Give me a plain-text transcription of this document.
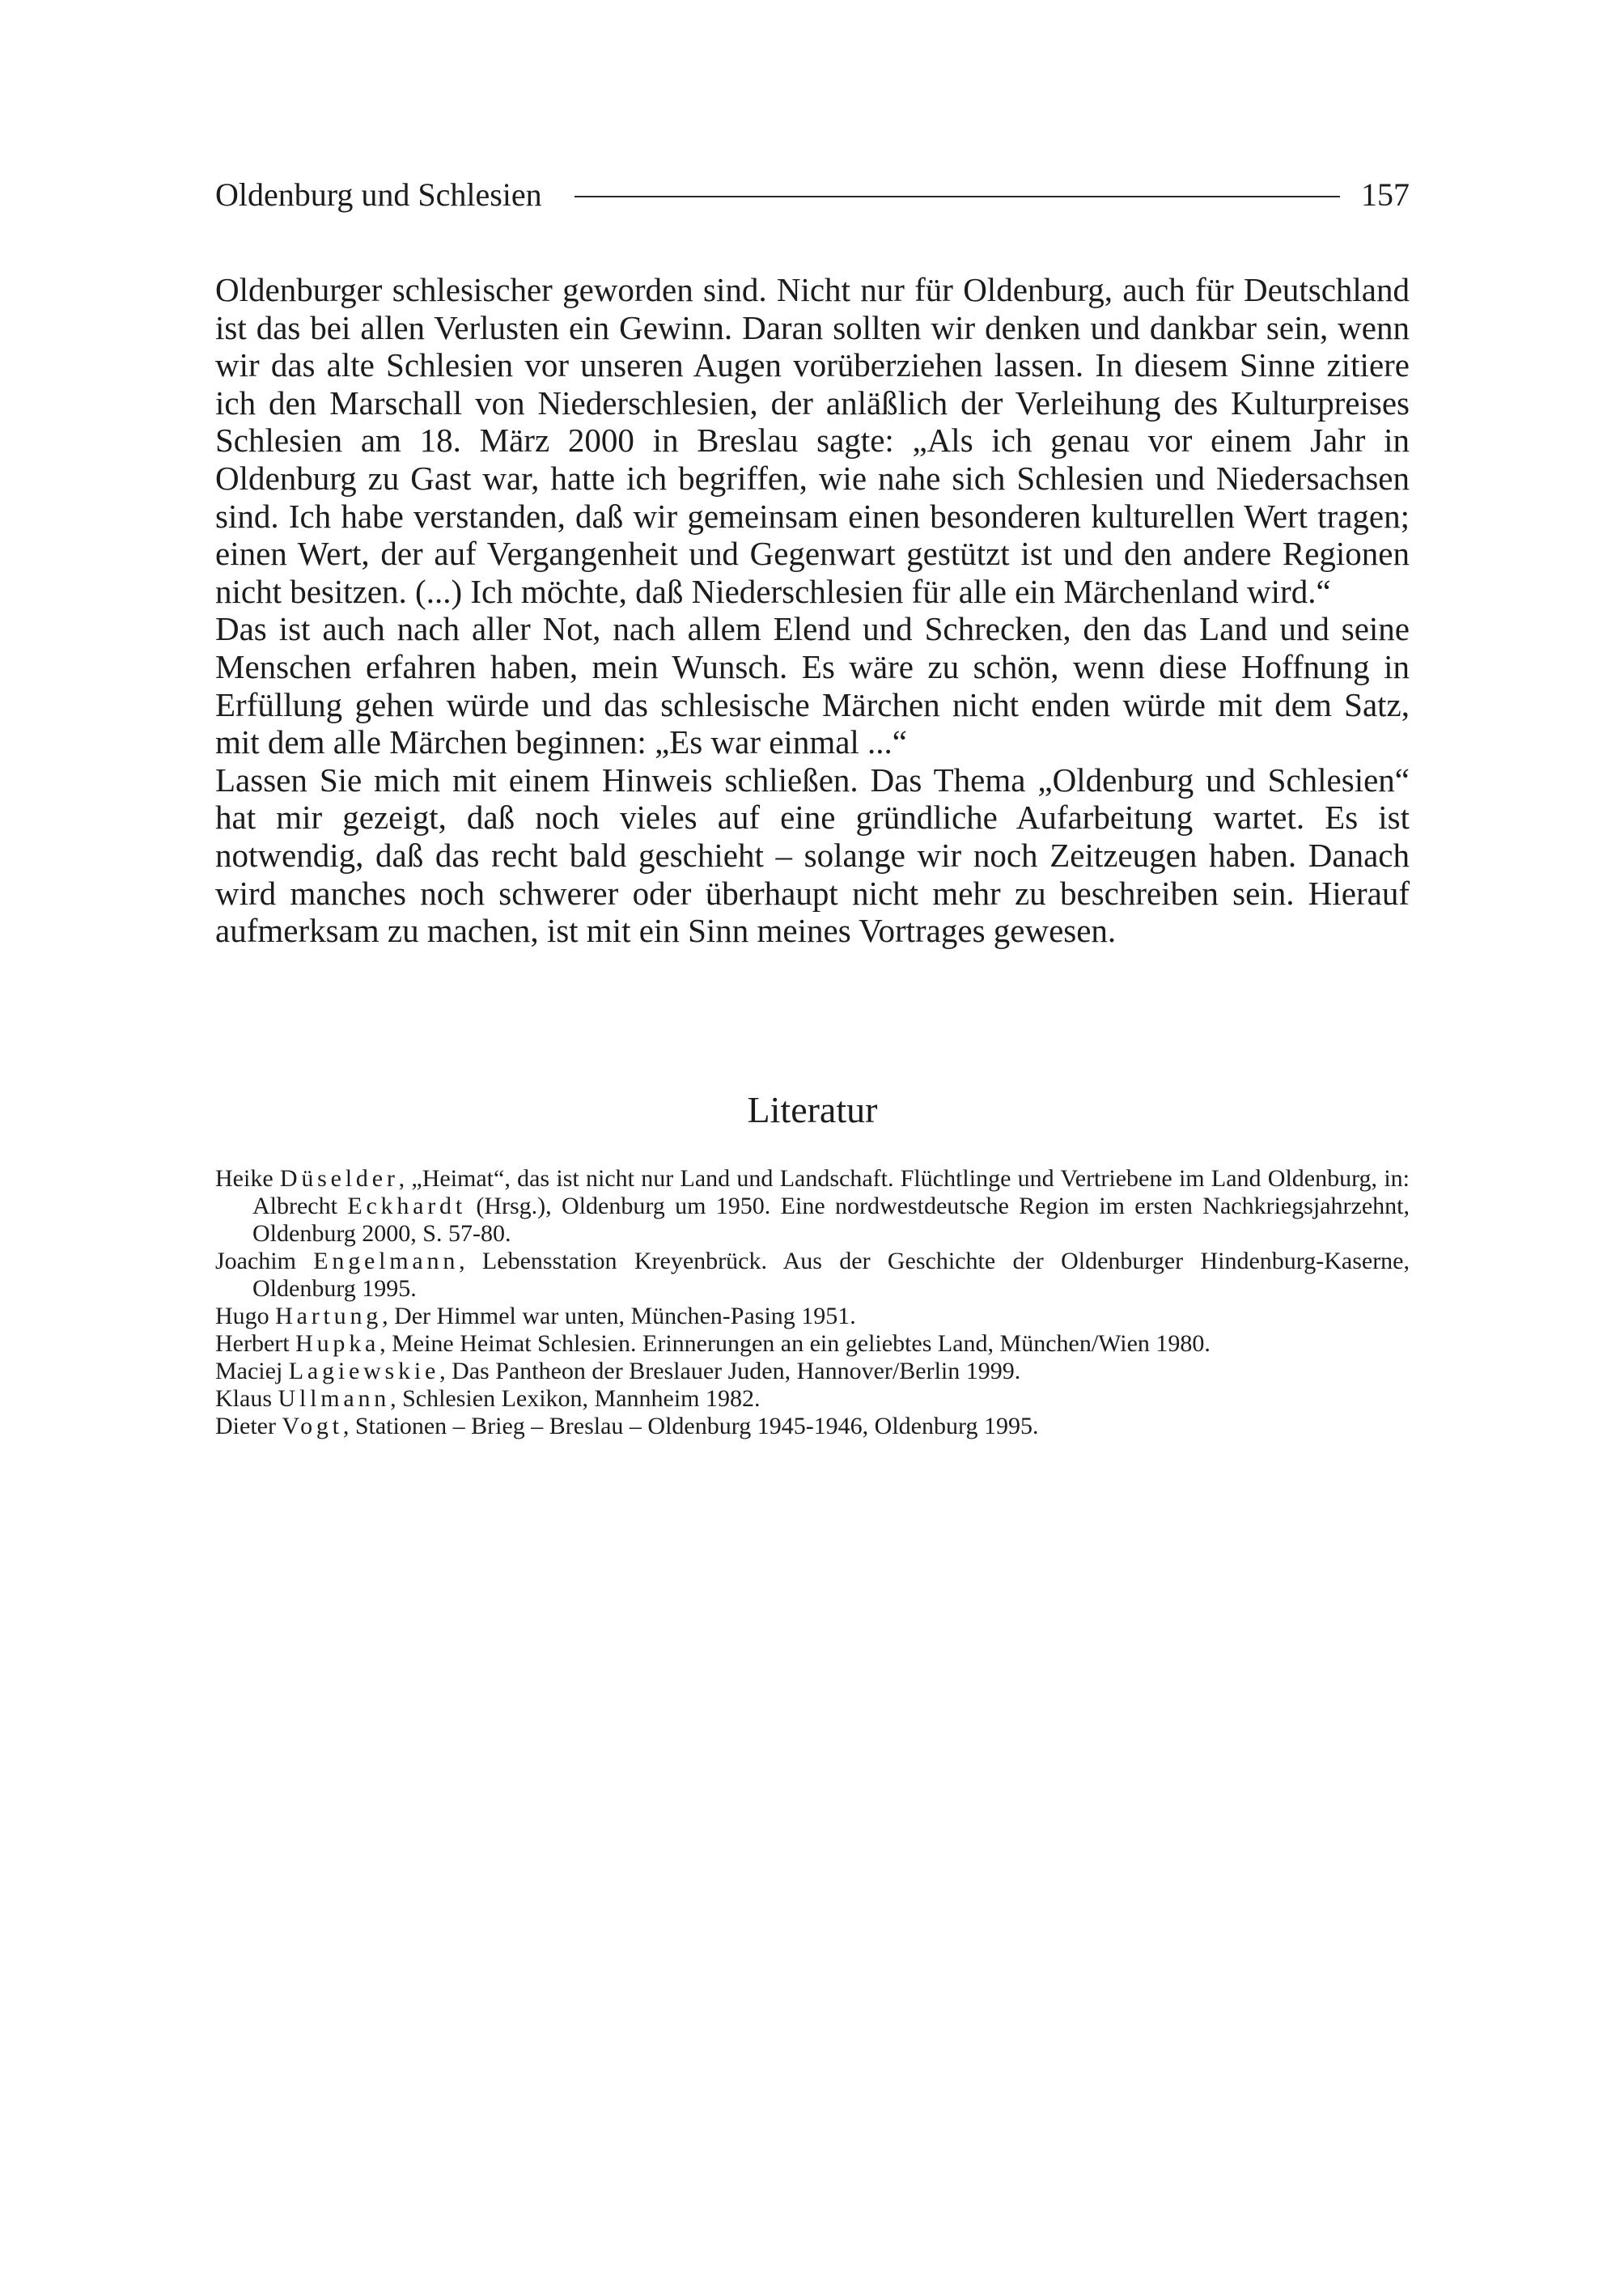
Oldenburg und Schlesien	157

Oldenburger schlesischer geworden sind. Nicht nur für Oldenburg, auch für Deutschland ist das bei allen Verlusten ein Gewinn. Daran sollten wir denken und dankbar sein, wenn wir das alte Schlesien vor unseren Augen vorüberziehen lassen. In diesem Sinne zitiere ich den Marschall von Niederschlesien, der anläßlich der Verleihung des Kulturpreises Schlesien am 18. März 2000 in Breslau sagte: „Als ich genau vor einem Jahr in Oldenburg zu Gast war, hatte ich begriffen, wie nahe sich Schlesien und Niedersachsen sind. Ich habe verstanden, daß wir gemeinsam einen besonderen kulturellen Wert tragen; einen Wert, der auf Vergangenheit und Gegenwart gestützt ist und den andere Regionen nicht besitzen. (...) Ich möchte, daß Niederschlesien für alle ein Märchenland wird.“

Das ist auch nach aller Not, nach allem Elend und Schrecken, den das Land und seine Menschen erfahren haben, mein Wunsch. Es wäre zu schön, wenn diese Hoffnung in Erfüllung gehen würde und das schlesische Märchen nicht enden würde mit dem Satz, mit dem alle Märchen beginnen: „Es war einmal ...“

Lassen Sie mich mit einem Hinweis schließen. Das Thema „Oldenburg und Schlesien“ hat mir gezeigt, daß noch vieles auf eine gründliche Aufarbeitung wartet. Es ist notwendig, daß das recht bald geschieht – solange wir noch Zeitzeugen haben. Danach wird manches noch schwerer oder überhaupt nicht mehr zu beschreiben sein. Hierauf aufmerksam zu machen, ist mit ein Sinn meines Vortrages gewesen.

Literatur

Heike Düselder, „Heimat“, das ist nicht nur Land und Landschaft. Flüchtlinge und Vertriebene im Land Oldenburg, in: Albrecht Eckhardt (Hrsg.), Oldenburg um 1950. Eine nordwestdeutsche Region im ersten Nachkriegsjahrzehnt, Oldenburg 2000, S. 57-80.

Joachim Engelmann, Lebensstation Kreyenbrück. Aus der Geschichte der Oldenburger Hindenburg-Kaserne, Oldenburg 1995.

Hugo Hartung, Der Himmel war unten, München-Pasing 1951.

Herbert Hupka, Meine Heimat Schlesien. Erinnerungen an ein geliebtes Land, München/Wien 1980.

Maciej Lagiewskie, Das Pantheon der Breslauer Juden, Hannover/Berlin 1999.

Klaus Ullmann, Schlesien Lexikon, Mannheim 1982.

Dieter Vogt, Stationen – Brieg – Breslau – Oldenburg 1945-1946, Oldenburg 1995.
